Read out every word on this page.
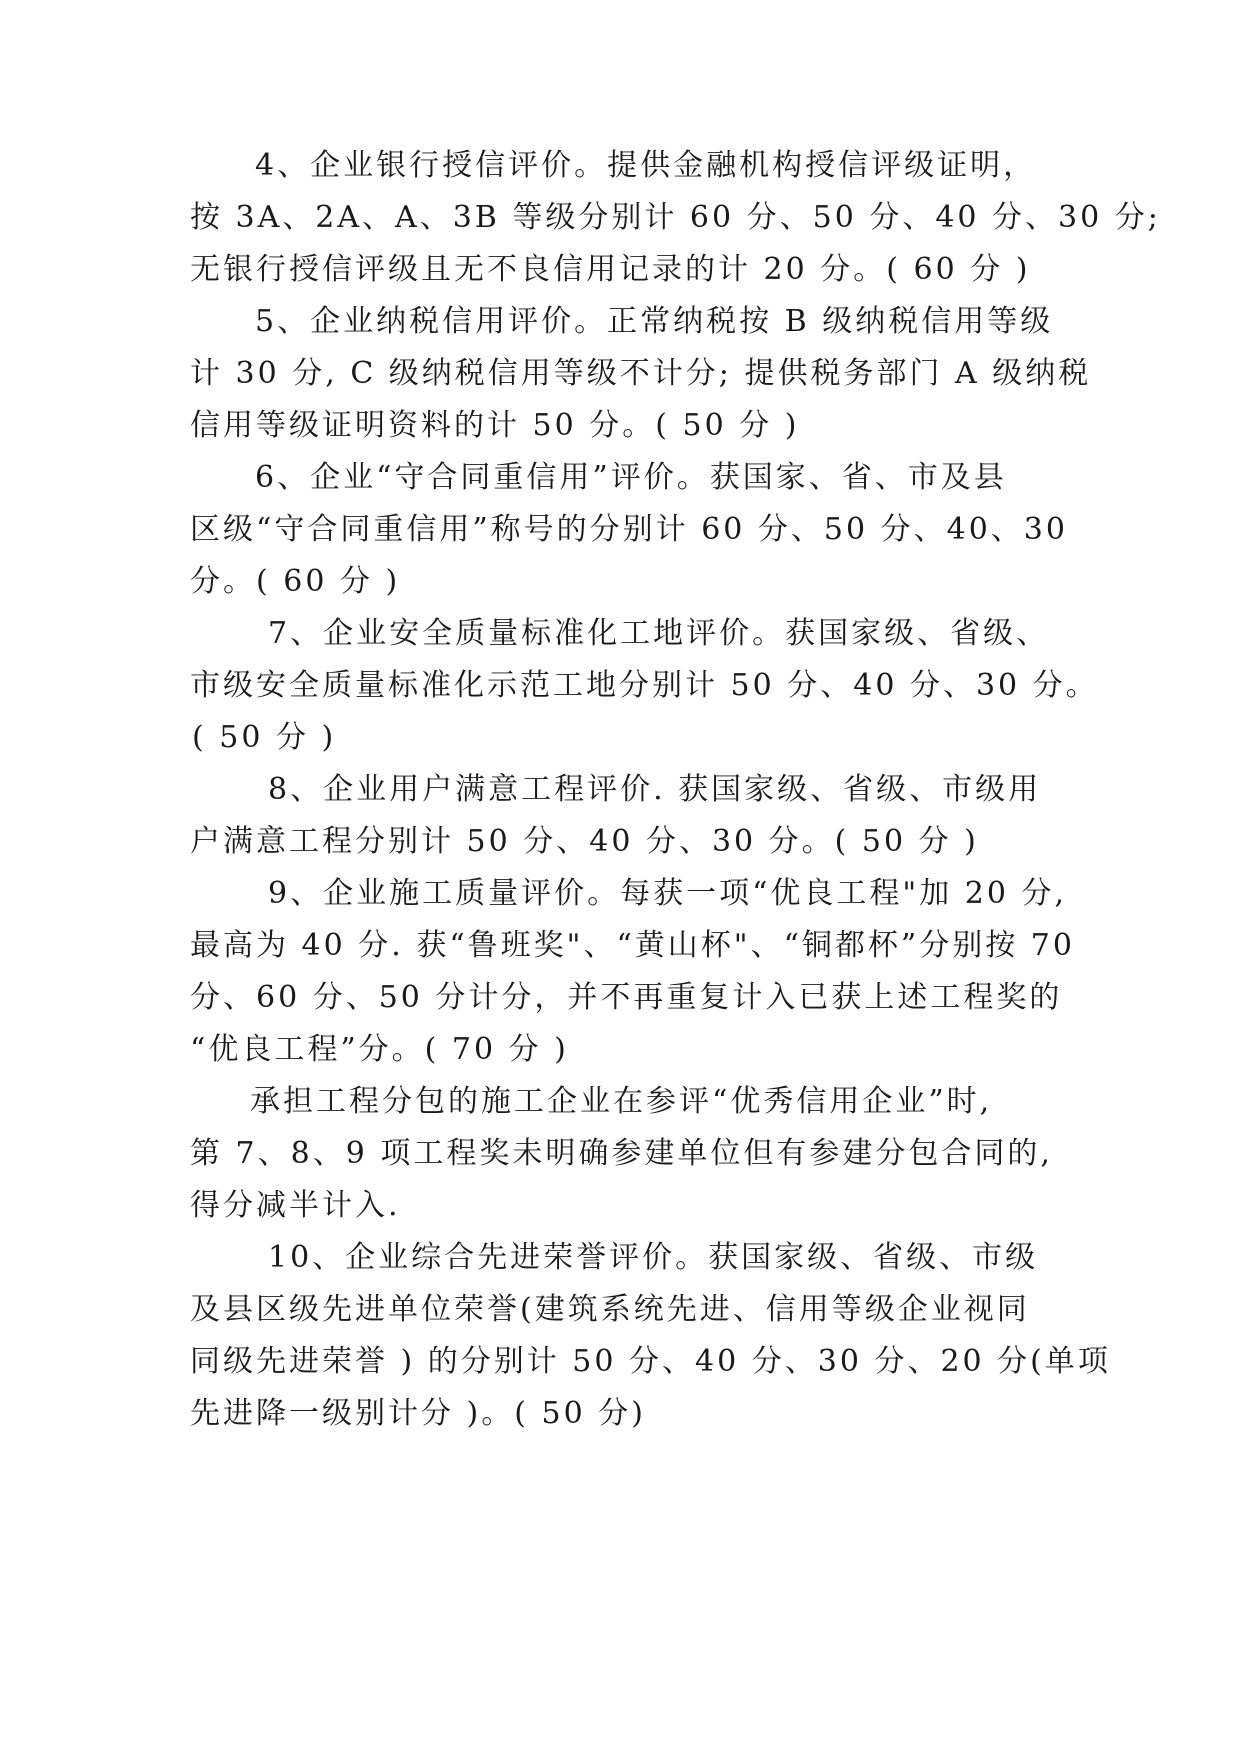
4、企业银行授信评价。提供金融机构授信评级证明，
按 3A、2A、A、3B 等级分别计 60 分、50 分、40 分、30 分;
无银行授信评级且无不良信用记录的计 20 分。( 60 分 )
5、企业纳税信用评价。正常纳税按 B 级纳税信用等级
计 30 分, C 级纳税信用等级不计分; 提供税务部门 A 级纳税
信用等级证明资料的计 50 分。( 50 分 )
6、企业“守合同重信用”评价。获国家、省、市及县
区级“守合同重信用”称号的分别计 60 分、50 分、40、30
分。( 60 分 )
7、企业安全质量标准化工地评价。获国家级、省级、
市级安全质量标准化示范工地分别计 50 分、40 分、30 分。
( 50 分 )
8、企业用户满意工程评价. 获国家级、省级、市级用
户满意工程分别计 50 分、40 分、30 分。( 50 分 )
9、企业施工质量评价。每获一项“优良工程"加 20 分,
最高为 40 分. 获“鲁班奖"、“黄山杯"、“铜都杯”分别按 70
分、60 分、50 分计分，并不再重复计入已获上述工程奖的
“优良工程”分。( 70 分 )
承担工程分包的施工企业在参评“优秀信用企业”时,
第 7、8、9 项工程奖未明确参建单位但有参建分包合同的,
得分减半计入.
10、企业综合先进荣誉评价。获国家级、省级、市级
及县区级先进单位荣誉(建筑系统先进、信用等级企业视同
同级先进荣誉 ) 的分别计 50 分、40 分、30 分、20 分(单项
先进降一级别计分 )。( 50 分)
